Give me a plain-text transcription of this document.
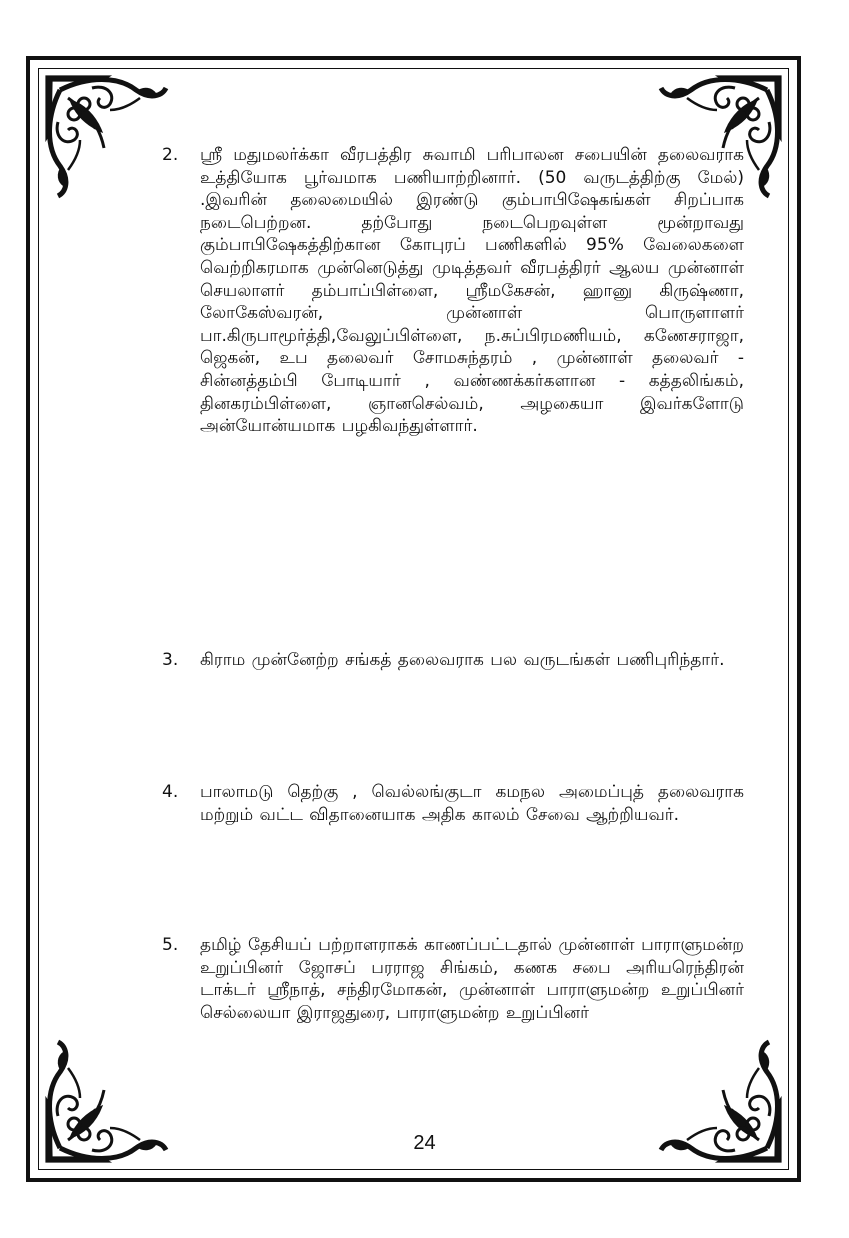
2.	ஸ்ரீ மதுமலர்க்கா வீரபத்திர சுவாமி பரிபாலன சபையின் தலைவராக உத்தியோக பூர்வமாக பணியாற்றினார். (50 வருடத்திற்கு மேல்) .இவரின் தலைமையில் இரண்டு கும்பாபிஷேகங்கள் சிறப்பாக நடைபெற்றன. தற்போது நடைபெறவுள்ள மூன்றாவது கும்பாபிஷேகத்திற்கான கோபுரப் பணிகளில் 95% வேலைகளை வெற்றிகரமாக முன்னெடுத்து முடித்தவர் வீரபத்திரர் ஆலய முன்னாள் செயலாளர் தம்பாப்பிள்ளை, ஸ்ரீமகேசன், ஹானு கிருஷ்ணா, லோகேஸ்வரன், முன்னாள் பொருளாளர் பா.கிருபாமூர்த்தி,வேலுப்பிள்ளை, ந.சுப்பிரமணியம், கணேசராஜா, ஜெகன், உப தலைவர் சோமசுந்தரம் , முன்னாள் தலைவர் - சின்னத்தம்பி போடியார் , வண்ணக்கர்களான - கத்தலிங்கம், தினகரம்பிள்ளை, ஞானசெல்வம், அழகையா இவர்களோடு அன்யோன்யமாக பழகிவந்துள்ளார்.
3.	கிராம முன்னேற்ற சங்கத் தலைவராக பல வருடங்கள் பணிபுரிந்தார்.
4.	பாலாமடு தெற்கு , வெல்லங்குடா கமநல அமைப்புத் தலைவராக மற்றும் வட்ட விதானையாக அதிக காலம் சேவை ஆற்றியவர்.
5.	தமிழ் தேசியப் பற்றாளராகக் காணப்பட்டதால் முன்னாள் பாராளுமன்ற உறுப்பினர் ஜோசப் பரராஜ சிங்கம், கணக சபை அரியரெந்திரன் டாக்டர் ஸ்ரீநாத், சந்திரமோகன், முன்னாள் பாராளுமன்ற உறுப்பினர் செல்லையா இராஜதுரை, பாராளுமன்ற உறுப்பினர்
24
